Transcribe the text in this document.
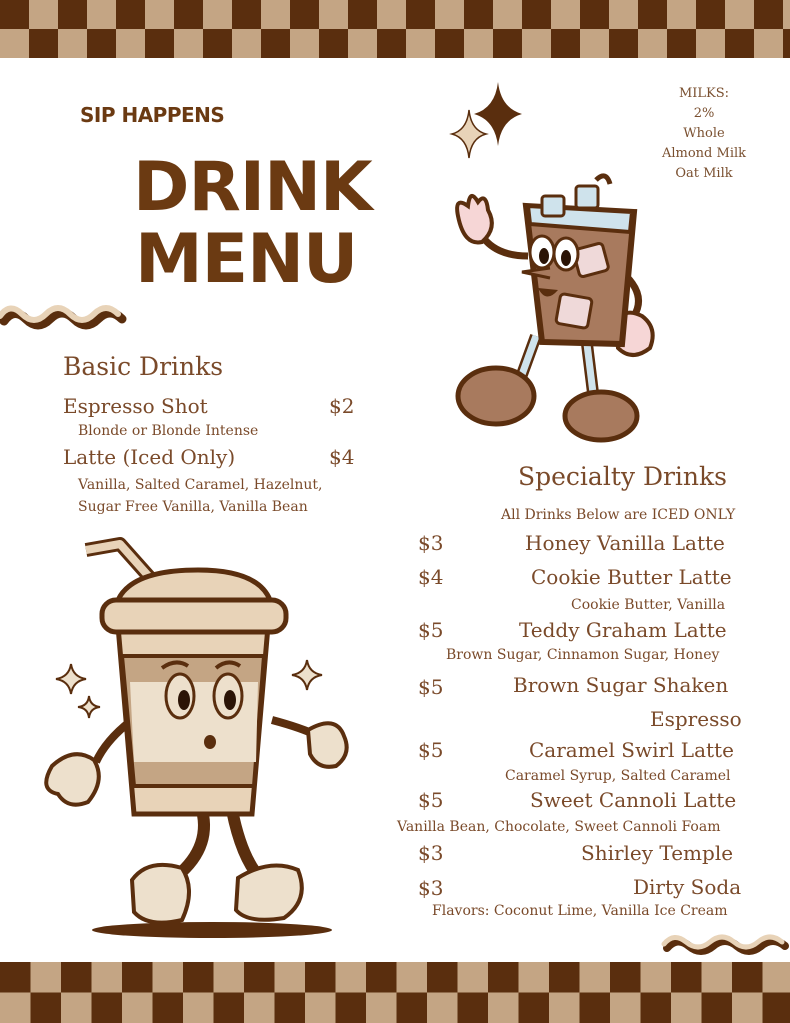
SIP HAPPENS
DRINK
MENU
MILKS:
2%
Whole
Almond Milk
Oat Milk
Basic Drinks
Espresso Shot	$2
Blonde or Blonde Intense
Latte (Iced Only)	$4
Vanilla, Salted Caramel, Hazelnut,
Sugar Free Vanilla, Vanilla Bean
Specialty Drinks
All Drinks Below are ICED ONLY
$3	Honey Vanilla Latte
$4	Cookie Butter Latte
Cookie Butter, Vanilla
$5	Teddy Graham Latte
Brown Sugar, Cinnamon Sugar, Honey
$5	Brown Sugar Shaken
Espresso
$5	Caramel Swirl Latte
Caramel Syrup, Salted Caramel
$5	Sweet Cannoli Latte
Vanilla Bean, Chocolate, Sweet Cannoli Foam
$3	Shirley Temple
$3	Dirty Soda
Flavors: Coconut Lime, Vanilla Ice Cream
